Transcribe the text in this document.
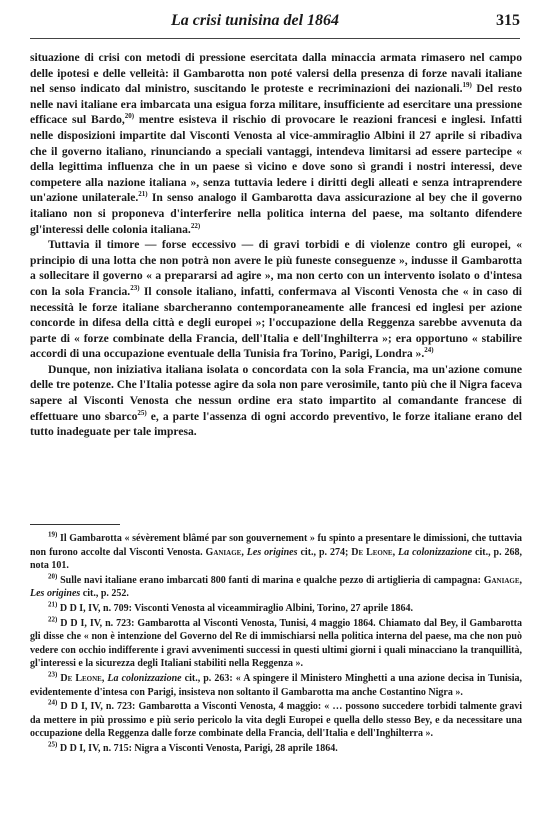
La crisi tunisina del 1864	315

situazione di crisi con metodi di pressione esercitata dalla minaccia armata rimasero nel campo delle ipotesi e delle velleità: il Gambarotta non poté valersi della presenza di forze navali italiane nel senso indicato dal ministro, suscitando le proteste e recriminazioni dei nazionali.$^{19)}$ Del resto nelle navi italiane era imbarcata una esigua forza militare, insufficiente ad esercitare una pressione efficace sul Bardo,$^{20)}$ mentre esisteva il rischio di provocare le reazioni francesi e inglesi. Infatti nelle disposizioni impartite dal Visconti Venosta al vice-ammiraglio Albini il 27 aprile si ribadiva che il governo italiano, rinunciando a speciali vantaggi, intendeva limitarsi ad essere partecipe « della legittima influenza che in un paese sì vicino e dove sono sì grandi i nostri interessi, deve competere alla nazione italiana », senza tuttavia ledere i diritti degli alleati e senza intraprendere un'azione unilaterale.$^{21)}$ In senso analogo il Gambarotta dava assicurazione al bey che il governo italiano non si proponeva d'interferire nella politica interna del paese, ma soltanto difendere gl'interessi delle colonia italiana.$^{22)}$

Tuttavia il timore — forse eccessivo — di gravi torbidi e di violenze contro gli europei, « principio di una lotta che non potrà non avere le più funeste conseguenze », indusse il Gambarotta a sollecitare il governo « a prepararsi ad agire », ma non certo con un intervento isolato o d'intesa con la sola Francia.$^{23)}$ Il console italiano, infatti, confermava al Visconti Venosta che « in caso di necessità le forze italiane sbarcheranno contemporaneamente alle francesi ed inglesi per azione concorde in difesa della città e degli europei »; l'occupazione della Reggenza sarebbe avvenuta da parte di « forze combinate della Francia, dell'Italia e dell'Inghilterra »; era opportuno « stabilire accordi di una occupazione eventuale della Tunisia fra Torino, Parigi, Londra ».$^{24)}$

Dunque, non iniziativa italiana isolata o concordata con la sola Francia, ma un'azione comune delle tre potenze. Che l'Italia potesse agire da sola non pare verosimile, tanto più che il Nigra faceva sapere al Visconti Venosta che nessun ordine era stato impartito al comandante francese di effettuare uno sbarco$^{25)}$ e, a parte l'assenza di ogni accordo preventivo, le forze italiane erano del tutto inadeguate per tale impresa.

$^{19)}$ Il Gambarotta « sévèrement blâmé par son gouvernement » fu spinto a presentare le dimissioni, che tuttavia non furono accolte dal Visconti Venosta. Ganiage, Les origines cit., p. 274; De Leone, La colonizzazione cit., p. 268, nota 101.

$^{20)}$ Sulle navi italiane erano imbarcati 800 fanti di marina e qualche pezzo di artiglieria di campagna: Ganiage, Les origines cit., p. 252.

$^{21)}$ D D I, IV, n. 709: Visconti Venosta al viceammiraglio Albini, Torino, 27 aprile 1864.

$^{22)}$ D D I, IV, n. 723: Gambarotta al Visconti Venosta, Tunisi, 4 maggio 1864. Chiamato dal Bey, il Gambarotta gli disse che « non è intenzione del Governo del Re di immischiarsi nella politica interna del paese, ma che non può vedere con occhio indifferente i gravi avvenimenti successi in questi ultimi giorni i quali minacciano la tranquillità, gl'interessi e la sicurezza degli Italiani stabiliti nella Reggenza ».

$^{23)}$ De Leone, La colonizzazione cit., p. 263: « A spingere il Ministero Minghetti a una azione decisa in Tunisia, evidentemente d'intesa con Parigi, insisteva non soltanto il Gambarotta ma anche Costantino Nigra ».

$^{24)}$ D D I, IV, n. 723: Gambarotta a Visconti Venosta, 4 maggio: « … possono succedere torbidi talmente gravi da mettere in più prossimo e più serio pericolo la vita degli Europei e quella dello stesso Bey, e da necessitare una occupazione della Reggenza dalle forze combinate della Francia, dell'Italia e dell'Inghilterra ».

$^{25)}$ D D I, IV, n. 715: Nigra a Visconti Venosta, Parigi, 28 aprile 1864.
